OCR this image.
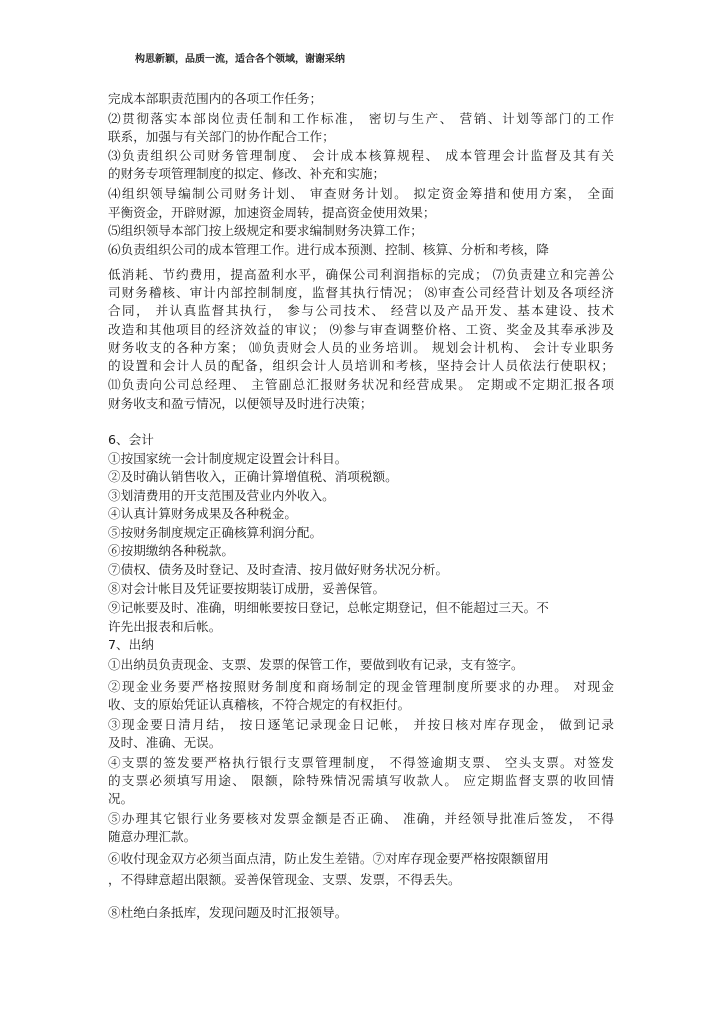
构思新颖，品质一流，适合各个领域，谢谢采纳
完成本部职责范围内的各项工作任务；
⑵贯彻落实本部岗位责任制和工作标准， 密切与生产、 营销、计划等部门的工作
联系，加强与有关部门的协作配合工作；
⑶负责组织公司财务管理制度、 会计成本核算规程、 成本管理会计监督及其有关
的财务专项管理制度的拟定、修改、补充和实施；
⑷组织领导编制公司财务计划、 审查财务计划。 拟定资金筹措和使用方案， 全面
平衡资金，开辟财源，加速资金周转，提高资金使用效果；
⑸组织领导本部门按上级规定和要求编制财务决算工作；
⑹负责组织公司的成本管理工作。进行成本预测、控制、核算、分析和考核，降
低消耗、节约费用，提高盈利水平，确保公司利润指标的完成； ⑺负责建立和完善公
司财务稽核、审计内部控制制度，监督其执行情况； ⑻审查公司经营计划及各项经济
合同， 并认真监督其执行， 参与公司技术、 经营以及产品开发、基本建设、技术
改造和其他项目的经济效益的审议； ⑼参与审查调整价格、工资、奖金及其奉承涉及
财务收支的各种方案； ⑽负责财会人员的业务培训。 规划会计机构、 会计专业职务
的设置和会计人员的配备，组织会计人员培训和考核，坚持会计人员依法行使职权；
⑾负责向公司总经理、 主管副总汇报财务状况和经营成果。 定期或不定期汇报各项
财务收支和盈亏情况，以便领导及时进行决策；
6、会计
①按国家统一会计制度规定设置会计科目。
②及时确认销售收入，正确计算增值税、消项税额。
③划清费用的开支范围及营业内外收入。
④认真计算财务成果及各种税金。
⑤按财务制度规定正确核算利润分配。
⑥按期缴纳各种税款。
⑦债权、债务及时登记、及时查清、按月做好财务状况分析。
⑧对会计帐目及凭证要按期装订成册，妥善保管。
⑨记帐要及时、准确，明细帐要按日登记，总帐定期登记，但不能超过三天。不
许先出报表和后帐。
7、出纳
①出纳员负责现金、支票、发票的保管工作，要做到收有记录，支有签字。
②现金业务要严格按照财务制度和商场制定的现金管理制度所要求的办理。 对现金
收、支的原始凭证认真稽核，不符合规定的有权拒付。
③现金要日清月结， 按日逐笔记录现金日记帐， 并按日核对库存现金， 做到记录
及时、准确、无误。
④支票的签发要严格执行银行支票管理制度， 不得签逾期支票、 空头支票。对签发
的支票必须填写用途、 限额，除特殊情况需填写收款人。 应定期监督支票的收回情
况。
⑤办理其它银行业务要核对发票金额是否正确、 准确，并经领导批准后签发， 不得
随意办理汇款。
⑥收付现金双方必须当面点清，防止发生差错。⑦对库存现金要严格按限额留用
，不得肆意超出限额。妥善保管现金、支票、发票，不得丢失。
⑧杜绝白条抵库，发现问题及时汇报领导。
